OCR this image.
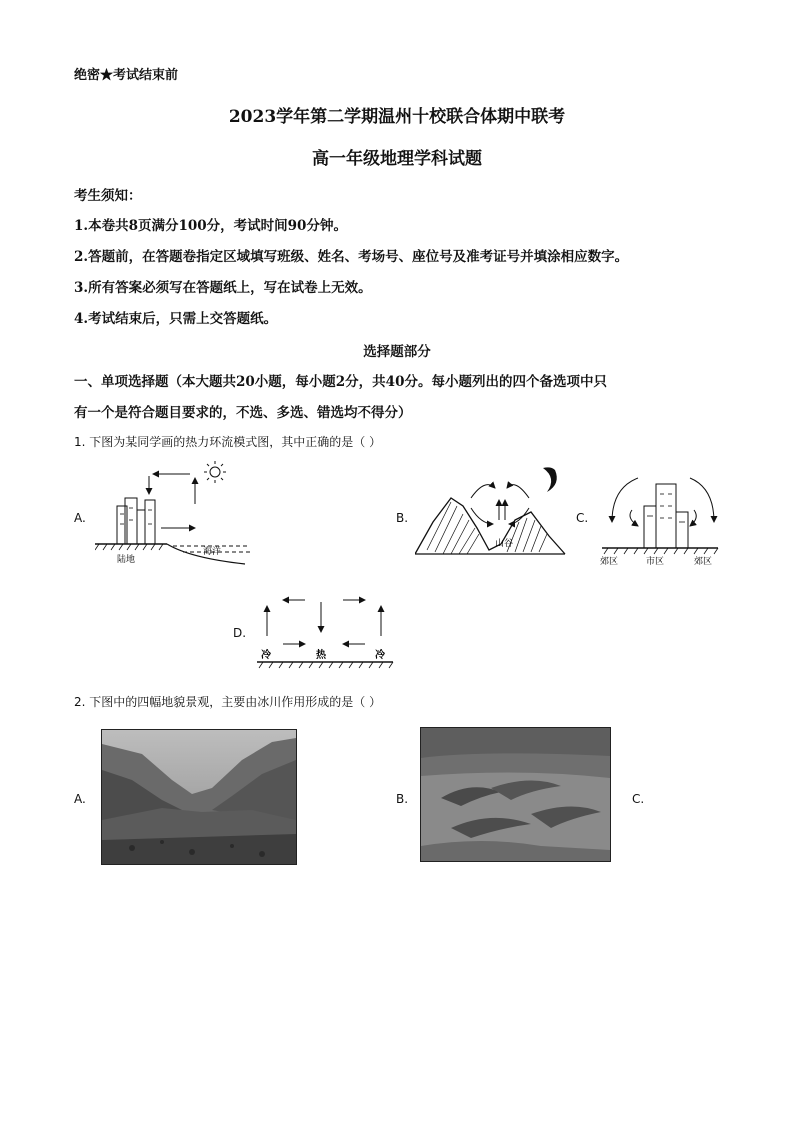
绝密★考试结束前
2023学年第二学期温州十校联合体期中联考
高一年级地理学科试题
考生须知：
1.本卷共8页满分100分，考试时间90分钟。
2.答题前，在答题卷指定区域填写班级、姓名、考场号、座位号及准考证号并填涂相应数字。
3.所有答案必须写在答题纸上，写在试卷上无效。
4.考试结束后，只需上交答题纸。
选择题部分
一、单项选择题（本大题共20小题，每小题2分，共40分。每小题列出的四个备选项中只
有一个是符合题目要求的，不选、多选、错选均不得分）
1. 下图为某同学画的热力环流模式图，其中正确的是（ ）
A.
陆地
海洋
B.
山谷
C.
郊区	市区	郊区
D.
冷	热	冷
2. 下图中的四幅地貌景观，主要由冰川作用形成的是（ ）
A.	B.	C.
